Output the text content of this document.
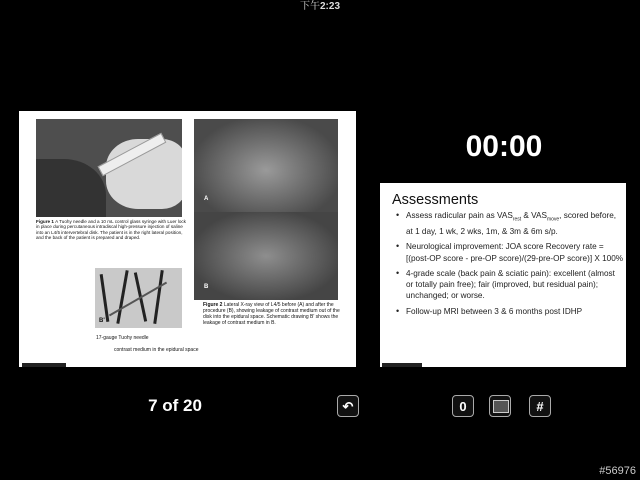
下午2:23
Figure 1 A Tuohy needle and a 10 mL control glass syringe with Luer lock in place during percutaneous intradiscal high-pressure injection of saline into an L4/5 intervertebral disk. The patient is in the right lateral position, and the back of the patient is prepared and draped.
A
B
B'
Figure 2 Lateral X-ray view of L4/5 before (A) and after the procedure (B), showing leakage of contrast medium out of the disk into the epidural space. Schematic drawing B' shows the leakage of contrast medium in B.
17-gauge Tuohy needle
contrast medium in the epidural space
00:00
Assessments
• Assess radicular pain as $VAS_{rest}$ & $VAS_{move}$, scored before, at 1 day, 1 wk, 2 wks, 1m, & 3m & 6m s/p.
• Neurological improvement: JOA score Recovery rate = [(post-OP score - pre-OP score)/(29-pre-OP score)] X 100%
• 4-grade scale (back pain & sciatic pain): excellent (almost or totally pain free); fair (improved, but residual pain); unchanged; or worse.
• Follow-up MRI between 3 & 6 months post IDHP
7 of 20	↶	0	#
#56976
